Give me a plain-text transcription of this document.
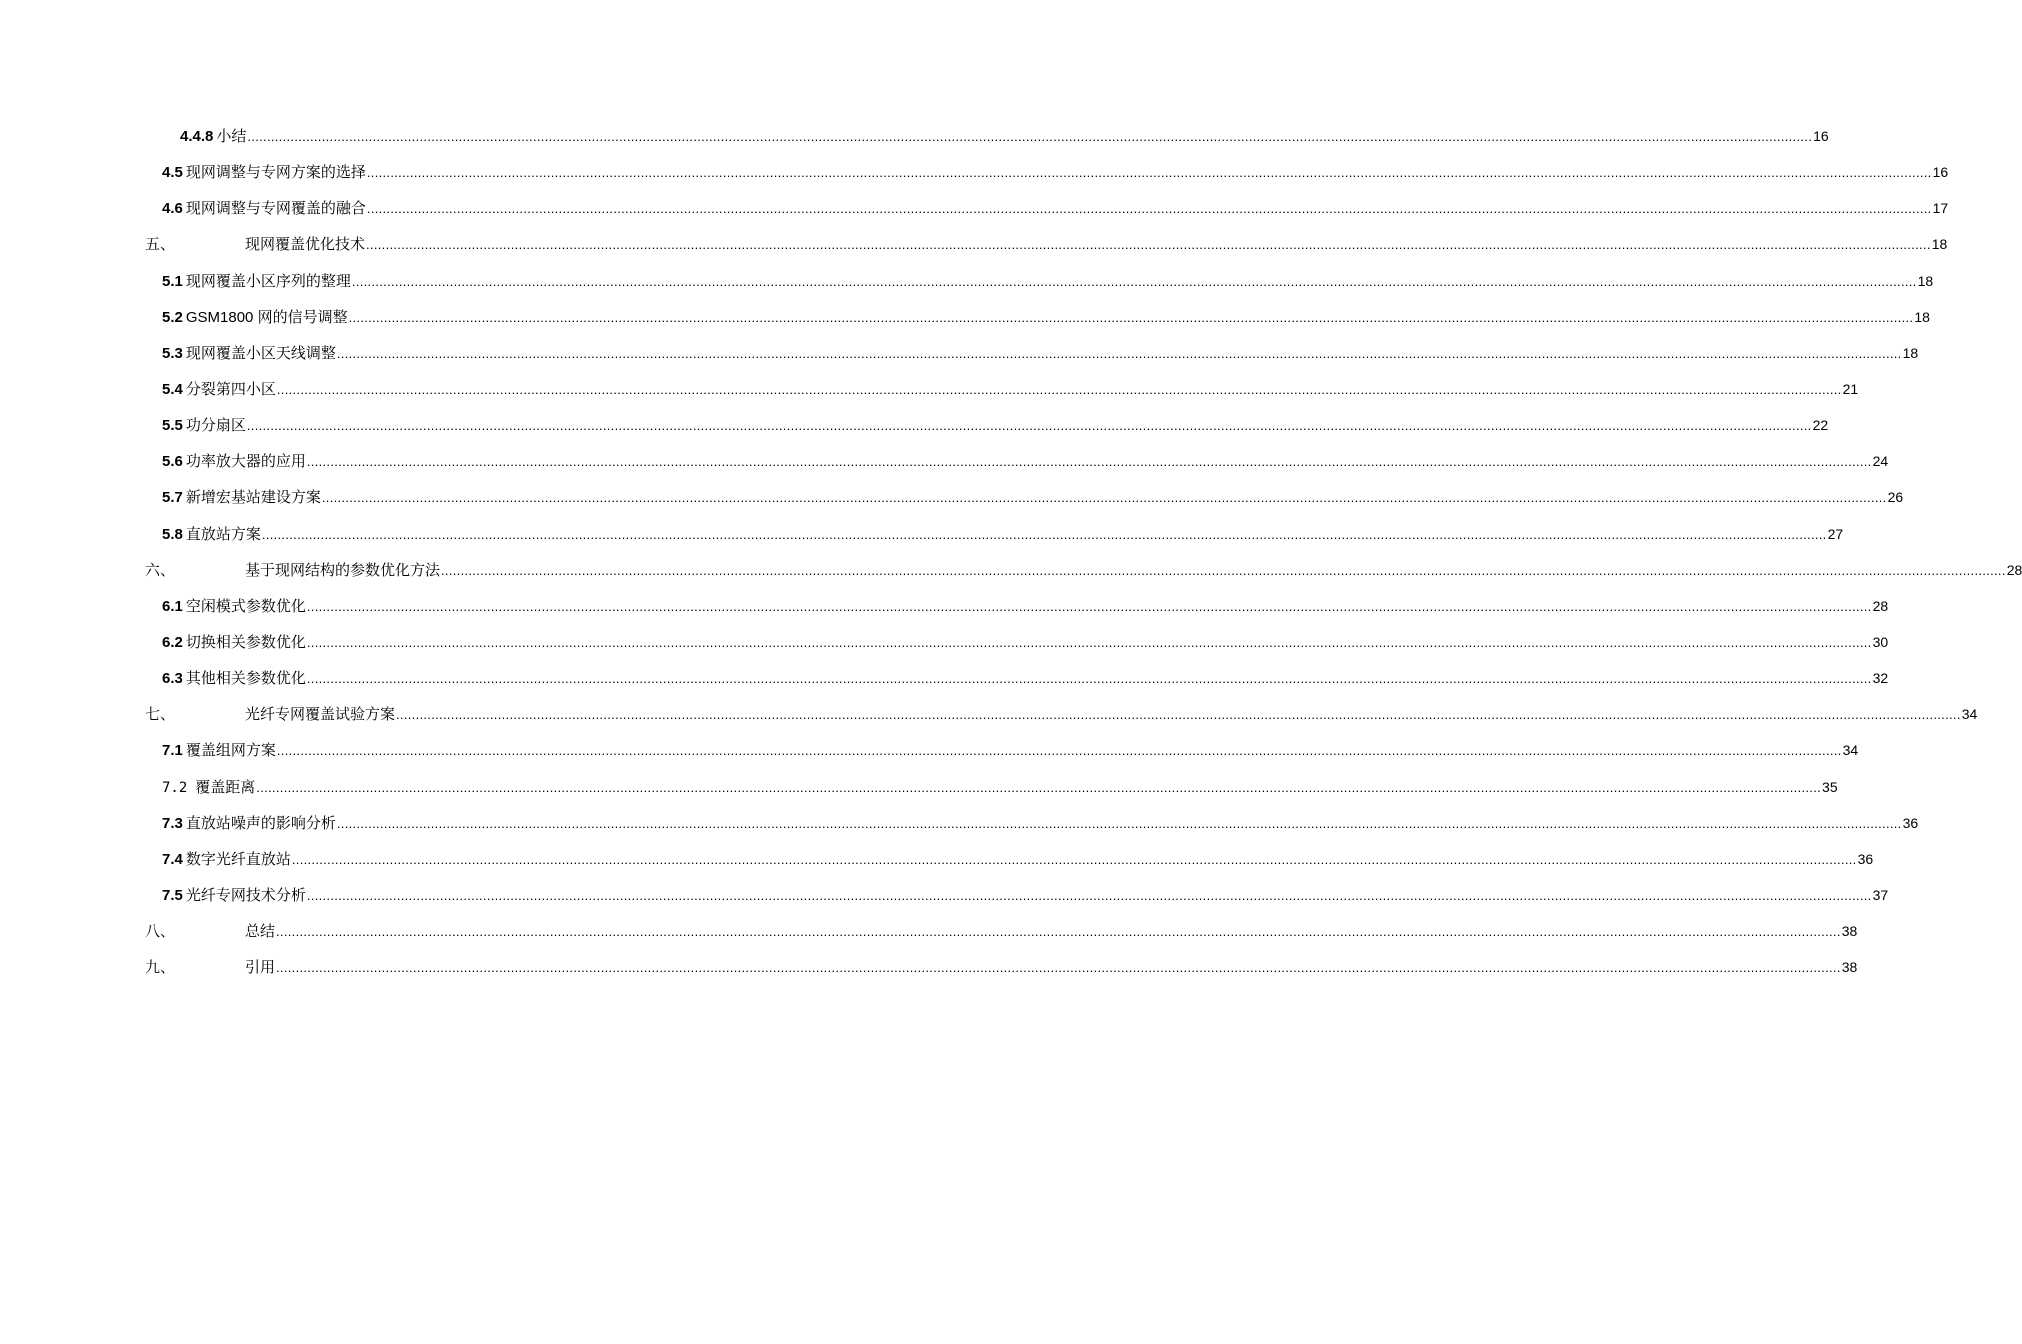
4.4.8 小结 ................................................................................................................................................................................................................................................................................................................................................................................................................ 16
4.5 现网调整与专网方案的选择 ................................................................................................................................................................................................................................................................................................................................................................................................................ 16
4.6 现网调整与专网覆盖的融合 ................................................................................................................................................................................................................................................................................................................................................................................................................ 17
五、	现网覆盖优化技术 ................................................................................................................................................................................................................................................................................................................................................................................................................ 18
5.1 现网覆盖小区序列的整理 ................................................................................................................................................................................................................................................................................................................................................................................................................ 18
5.2 GSM1800 网的信号调整 ................................................................................................................................................................................................................................................................................................................................................................................................................ 18
5.3 现网覆盖小区天线调整 ................................................................................................................................................................................................................................................................................................................................................................................................................ 18
5.4 分裂第四小区 ................................................................................................................................................................................................................................................................................................................................................................................................................ 21
5.5 功分扇区 ................................................................................................................................................................................................................................................................................................................................................................................................................ 22
5.6 功率放大器的应用 ................................................................................................................................................................................................................................................................................................................................................................................................................ 24
5.7 新增宏基站建设方案 ................................................................................................................................................................................................................................................................................................................................................................................................................ 26
5.8 直放站方案 ................................................................................................................................................................................................................................................................................................................................................................................................................ 27
六、	基于现网结构的参数优化方法 ................................................................................................................................................................................................................................................................................................................................................................................................................ 28
6.1 空闲模式参数优化 ................................................................................................................................................................................................................................................................................................................................................................................................................ 28
6.2 切换相关参数优化 ................................................................................................................................................................................................................................................................................................................................................................................................................ 30
6.3 其他相关参数优化 ................................................................................................................................................................................................................................................................................................................................................................................................................ 32
七、	光纤专网覆盖试验方案 ................................................................................................................................................................................................................................................................................................................................................................................................................ 34
7.1 覆盖组网方案 ................................................................................................................................................................................................................................................................................................................................................................................................................ 34
7.2 覆盖距离 ................................................................................................................................................................................................................................................................................................................................................................................................................ 35
7.3 直放站噪声的影响分析 ................................................................................................................................................................................................................................................................................................................................................................................................................ 36
7.4 数字光纤直放站 ................................................................................................................................................................................................................................................................................................................................................................................................................ 36
7.5 光纤专网技术分析 ................................................................................................................................................................................................................................................................................................................................................................................................................ 37
八、	总结 ................................................................................................................................................................................................................................................................................................................................................................................................................ 38
九、	引用 ................................................................................................................................................................................................................................................................................................................................................................................................................ 38
